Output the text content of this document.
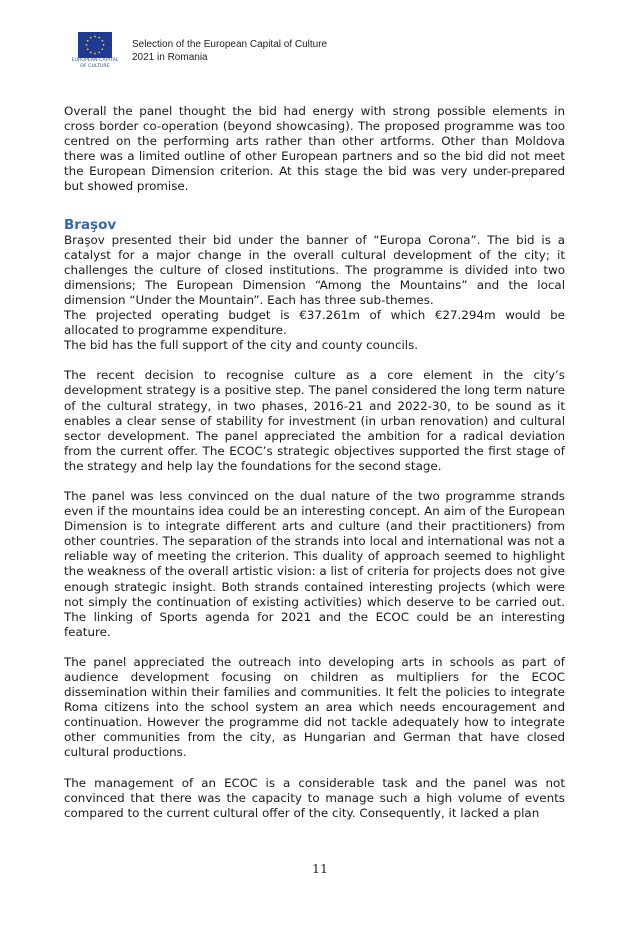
EUROPEAN CAPITAL
OF CULTURE
Selection of the European Capital of Culture
2021 in Romania

Overall the panel thought the bid had energy with strong possible elements in cross border co-operation (beyond showcasing). The proposed programme was too centred on the performing arts rather than other artforms. Other than Moldova there was a limited outline of other European partners and so the bid did not meet the European Dimension criterion. At this stage the bid was very under-prepared but showed promise.

Braşov

Braşov presented their bid under the banner of “Europa Corona”. The bid is a catalyst for a major change in the overall cultural development of the city; it challenges the culture of closed institutions. The programme is divided into two dimensions; The European Dimension “Among the Mountains” and the local dimension “Under the Mountain”. Each has three sub-themes.

The projected operating budget is €37.261m of which €27.294m would be allocated to programme expenditure.

The bid has the full support of the city and county councils.

The recent decision to recognise culture as a core element in the city’s development strategy is a positive step. The panel considered the long term nature of the cultural strategy, in two phases, 2016-21 and 2022-30, to be sound as it enables a clear sense of stability for investment (in urban renovation) and cultural sector development. The panel appreciated the ambition for a radical deviation from the current offer. The ECOC’s strategic objectives supported the first stage of the strategy and help lay the foundations for the second stage.

The panel was less convinced on the dual nature of the two programme strands even if the mountains idea could be an interesting concept. An aim of the European Dimension is to integrate different arts and culture (and their practitioners) from other countries. The separation of the strands into local and international was not a reliable way of meeting the criterion. This duality of approach seemed to highlight the weakness of the overall artistic vision: a list of criteria for projects does not give enough strategic insight. Both strands contained interesting projects (which were not simply the continuation of existing activities) which deserve to be carried out. The linking of Sports agenda for 2021 and the ECOC could be an interesting feature.

The panel appreciated the outreach into developing arts in schools as part of audience development focusing on children as multipliers for the ECOC dissemination within their families and communities. It felt the policies to integrate Roma citizens into the school system an area which needs encouragement and continuation. However the programme did not tackle adequately how to integrate other communities from the city, as Hungarian and German that have closed cultural productions.

The management of an ECOC is a considerable task and the panel was not convinced that there was the capacity to manage such a high volume of events compared to the current cultural offer of the city. Consequently, it lacked a plan

11
